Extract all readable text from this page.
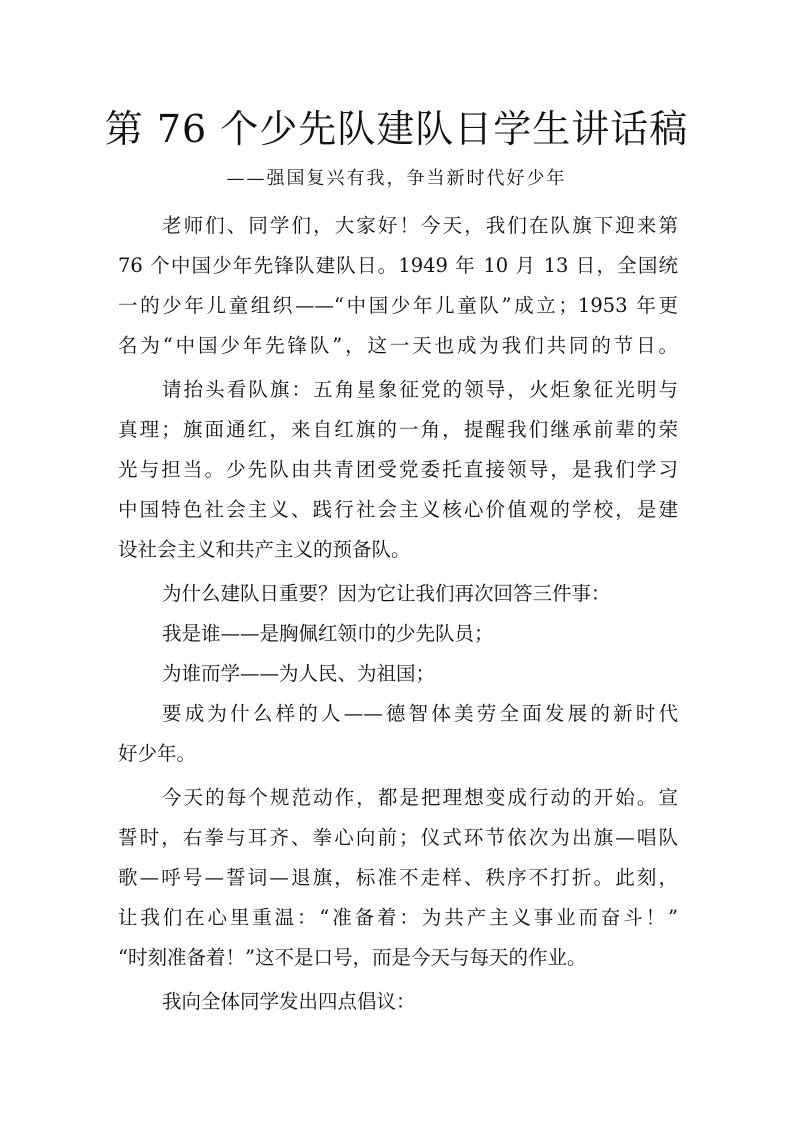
第 76 个少先队建队日学生讲话稿
——强国复兴有我，争当新时代好少年
老师们、同学们，大家好！今天，我们在队旗下迎来第
76 个中国少年先锋队建队日。1949 年 10 月 13 日，全国统
一的少年儿童组织——“中国少年儿童队”成立；1953 年更
名为“中国少年先锋队”，这一天也成为我们共同的节日。
请抬头看队旗：五角星象征党的领导，火炬象征光明与
真理；旗面通红，来自红旗的一角，提醒我们继承前辈的荣
光与担当。少先队由共青团受党委托直接领导，是我们学习
中国特色社会主义、践行社会主义核心价值观的学校，是建
设社会主义和共产主义的预备队。
为什么建队日重要？因为它让我们再次回答三件事：
我是谁——是胸佩红领巾的少先队员；
为谁而学——为人民、为祖国；
要成为什么样的人——德智体美劳全面发展的新时代
好少年。
今天的每个规范动作，都是把理想变成行动的开始。宣
誓时，右拳与耳齐、拳心向前；仪式环节依次为出旗—唱队
歌—呼号—誓词—退旗，标准不走样、秩序不打折。此刻，
让我们在心里重温：“准备着：为共产主义事业而奋斗！”
“时刻准备着！”这不是口号，而是今天与每天的作业。
我向全体同学发出四点倡议：
